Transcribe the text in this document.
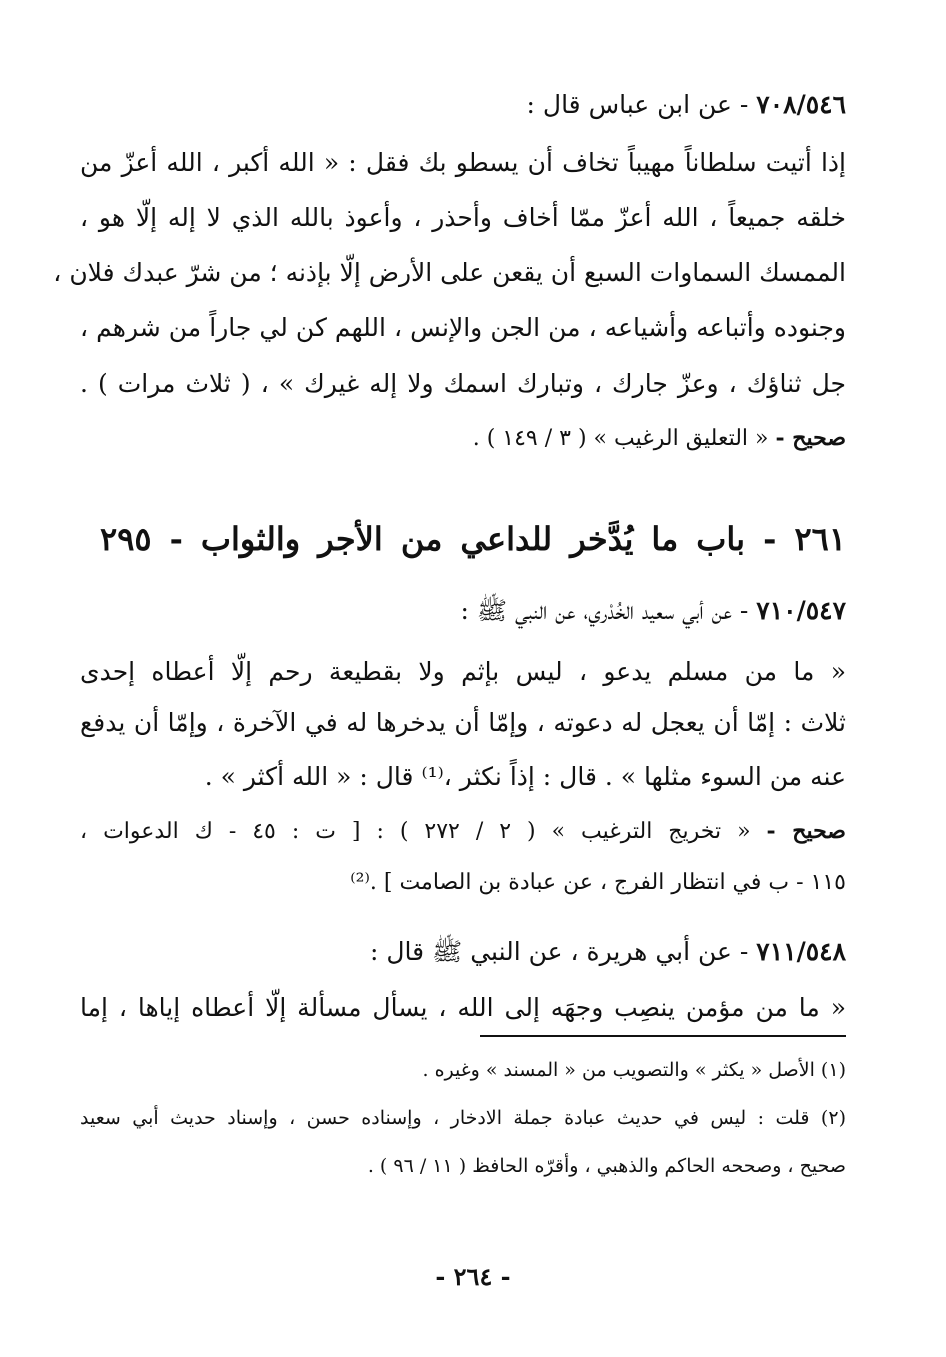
٧٠٨/٥٤٦ - عن ابن عباس قال :
إذا أتيت سلطاناً مهيباً تخاف أن يسطو بك فقل : « الله أكبر ، الله أعزّ من
خلقه جميعاً ، الله أعزّ ممّا أخاف وأحذر ، وأعوذ بالله الذي لا إله إلّا هو ،
الممسك السماوات السبع أن يقعن على الأرض إلّا بإذنه ؛ من شرّ عبدك فلان ،
وجنوده وأتباعه وأشياعه ، من الجن والإنس ، اللهم كن لي جاراً من شرهم ،
جل ثناؤك ، وعزّ جارك ، وتبارك اسمك ولا إله غيرك » ، ( ثلاث مرات ) .
صحيح - « التعليق الرغيب » ( ٣ / ١٤٩ ) .
٢٦١ - باب ما يُدَّخر للداعي من الأجر والثواب - ٢٩٥
٧١٠/٥٤٧ - عن أبي سعيد الخُدْري، عن النبي ﷺ :
« ما من مسلم يدعو ، ليس بإثم ولا بقطيعة رحم إلّا أعطاه إحدى
ثلاث : إمّا أن يعجل له دعوته ، وإمّا أن يدخرها له في الآخرة ، وإمّا أن يدفع
عنه من السوء مثلها » . قال : إذاً نكثر ،⁽¹⁾ قال : « الله أكثر » .
صحيح - « تخريج الترغيب » ( ٢ / ٢٧٢ ) : [ ت : ٤٥ - ك الدعوات ،
١١٥ - ب في انتظار الفرج ، عن عبادة بن الصامت ] .⁽²⁾
٧١١/٥٤٨ - عن أبي هريرة ، عن النبي ﷺ قال :
« ما من مؤمن ينصِب وجهَه إلى الله ، يسأل مسألة إلّا أعطاه إياها ، إما
(١) الأصل « يكثر » والتصويب من « المسند » وغيره .
(٢) قلت : ليس في حديث عبادة جملة الادخار ، وإسناده حسن ، وإسناد حديث أبي سعيد
صحيح ، وصححه الحاكم والذهبي ، وأقرّه الحافظ ( ١١ / ٩٦ ) .
- ٢٦٤ -
